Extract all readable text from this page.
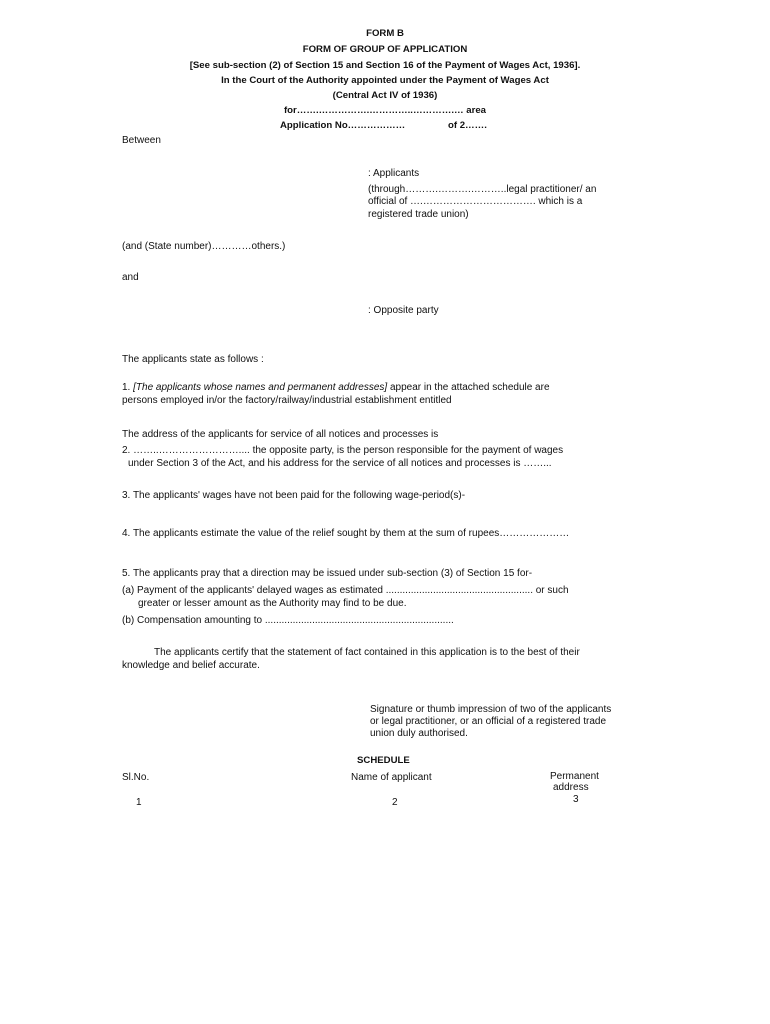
FORM B
FORM OF GROUP OF APPLICATION
[See sub-section (2) of Section 15 and Section 16 of the Payment of Wages Act, 1936].
In the Court of the Authority appointed under the Payment of Wages Act
(Central Act IV of 1936)
for…….…………….…………..………….… area
Application No………………	of 2…….
Between
: Applicants
(through……….……….………..legal practitioner/ an
official of ….……………………………. which is a
registered trade union)
(and (State number)…………others.)
and
: Opposite party
The applicants state as follows :
1. [The applicants whose names and permanent addresses] appear in the attached schedule are
persons employed in/or the factory/railway/industrial establishment entitled
The address of the applicants for service of all notices and processes is
2. ……..…………………….... the opposite party, is the person responsible for the payment of wages
under Section 3 of the Act, and his address for the service of all notices and processes is ……...
3. The applicants' wages have not been paid for the following wage-period(s)-
4. The applicants estimate the value of the relief sought by them at the sum of rupees…………………
5. The applicants pray that a direction may be issued under sub-section (3) of Section 15 for-
(a) Payment of the applicants' delayed wages as estimated ..................................................... or such
greater or lesser amount as the Authority may find to be due.
(b) Compensation amounting to ....................................................................
The applicants certify that the statement of fact contained in this application is to the best of their
knowledge and belief accurate.
Signature or thumb impression of two of the applicants
or legal practitioner, or an official of a registered trade
union duly authorised.
SCHEDULE
Sl.No.	Name of applicant	Permanent
address
1	2	3
